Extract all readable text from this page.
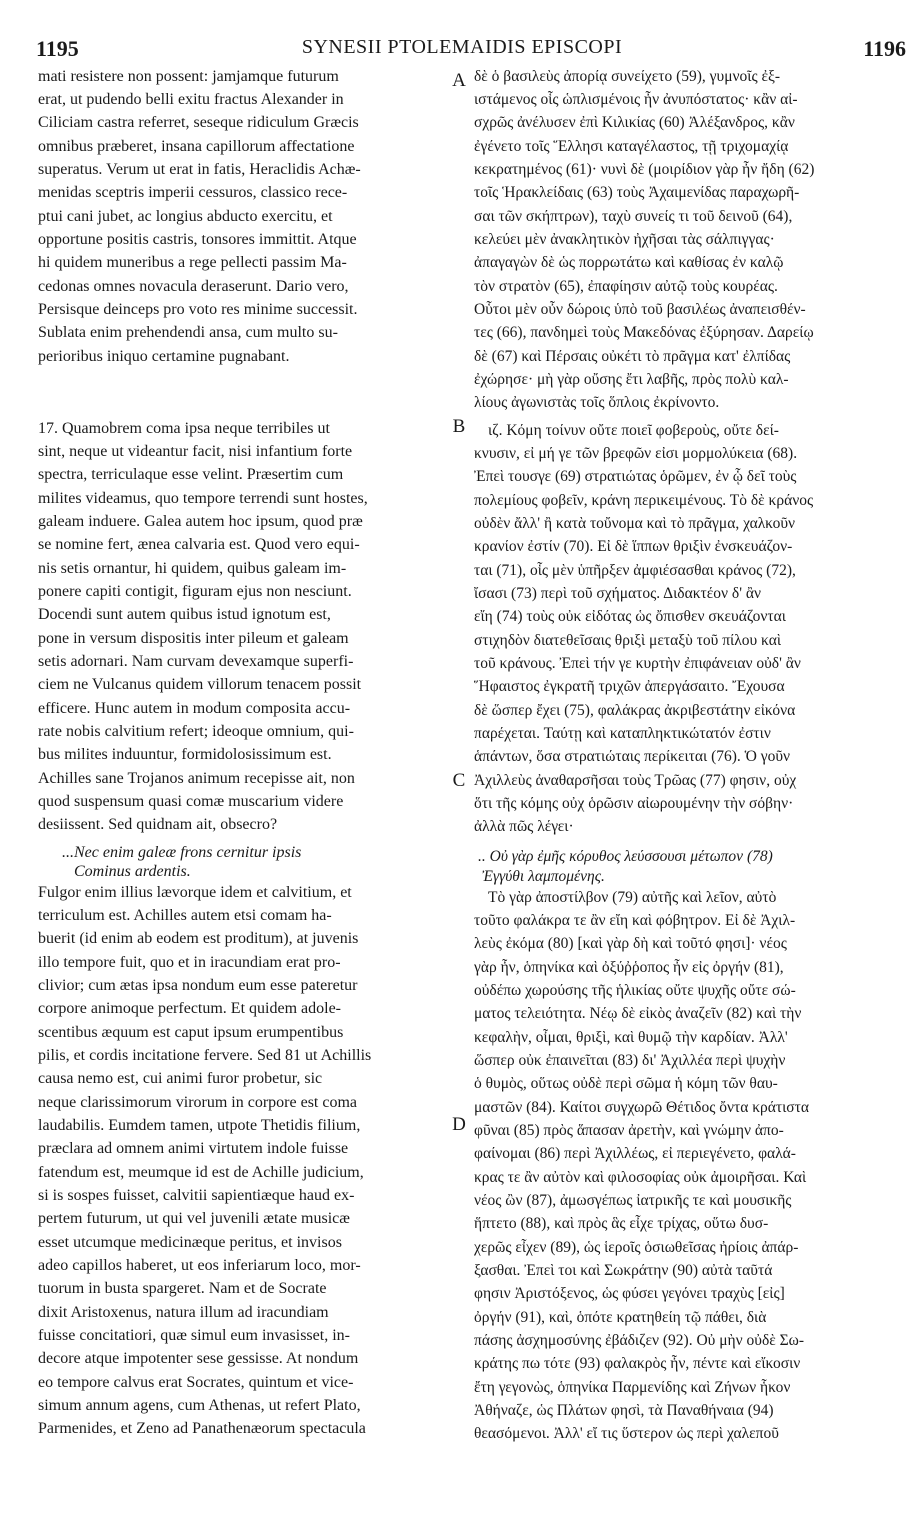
1195	SYNESII PTOLEMAIDIS EPISCOPI	1196
mati resistere non possent: jamjamque futurum
erat, ut pudendo belli exitu fractus Alexander in
Ciliciam castra referret, seseque ridiculum Græcis
omnibus præberet, insana capillorum affectatione
superatus. Verum ut erat in fatis, Heraclidis Achæ-
menidas sceptris imperii cessuros, classico rece-
ptui cani jubet, ac longius abducto exercitu, et
opportune positis castris, tonsores immittit. Atque
hi quidem muneribus a rege pellecti passim Ma-
cedonas omnes novacula deraserunt. Dario vero,
Persisque deinceps pro voto res minime successit.
Sublata enim prehendendi ansa, cum multo su-
perioribus iniquo certamine pugnabant.
17. Quamobrem coma ipsa neque terribiles ut
sint, neque ut videantur facit, nisi infantium forte
spectra, terriculaque esse velint. Præsertim cum
milites videamus, quo tempore terrendi sunt hostes,
galeam induere. Galea autem hoc ipsum, quod præ
se nomine fert, ænea calvaria est. Quod vero equi-
nis setis ornantur, hi quidem, quibus galeam im-
ponere capiti contigit, figuram ejus non nesciunt.
Docendi sunt autem quibus istud ignotum est,
pone in versum dispositis inter pileum et galeam
setis adornari. Nam curvam devexamque superfi-
ciem ne Vulcanus quidem villorum tenacem possit
efficere. Hunc autem in modum composita accu-
rate nobis calvitium refert; ideoque omnium, qui-
bus milites induuntur, formidolosissimum est.
Achilles sane Trojanos animum recepisse ait, non
quod suspensum quasi comæ muscarium videre
desiissent. Sed quidnam ait, obsecro?
...Nec enim galeæ frons cernitur ipsis
Cominus ardentis.
Fulgor enim illius lævorque idem et calvitium, et
terriculum est. Achilles autem etsi comam ha-
buerit (id enim ab eodem est proditum), at juvenis
illo tempore fuit, quo et in iracundiam erat pro-
clivior; cum ætas ipsa nondum eum esse pateretur
corpore animoque perfectum. Et quidem adole-
scentibus æquum est caput ipsum erumpentibus
pilis, et cordis incitatione fervere. Sed 81 ut Achillis
causa nemo est, cui animi furor probetur, sic
neque clarissimorum virorum in corpore est coma
laudabilis. Eumdem tamen, utpote Thetidis filium,
præclara ad omnem animi virtutem indole fuisse
fatendum est, meumque id est de Achille judicium,
si is sospes fuisset, calvitii sapientiæque haud ex-
pertem futurum, ut qui vel juvenili ætate musicæ
esset utcumque medicinæque peritus, et invisos
adeo capillos haberet, ut eos inferiarum loco, mor-
tuorum in busta spargeret. Nam et de Socrate
dixit Aristoxenus, natura illum ad iracundiam
fuisse concitatiori, quæ simul eum invasisset, in-
decore atque impotenter sese gessisse. At nondum
eo tempore calvus erat Socrates, quintum et vice-
simum annum agens, cum Athenas, ut refert Plato,
Parmenides, et Zeno ad Panathenæorum spectacula
δὲ ὁ βασιλεὺς ἀπορίᾳ συνείχετο (59), γυμνοῖς ἐξ-
ιστάμενος οἷς ὡπλισμένοις ἦν ἀνυπόστατος· κἂν αἰ-
σχρῶς ἀνέλυσεν ἐπὶ Κιλικίας (60) Ἀλέξανδρος, κἂν
ἐγένετο τοῖς Ἕλλησι καταγέλαστος, τῇ τριχομαχίᾳ
κεκρατημένος (61)· νυνὶ δὲ (μοιρίδιον γὰρ ἦν ἤδη (62)
τοῖς Ἡρακλείδαις (63) τοὺς Ἀχαιμενίδας παραχωρῆ-
σαι τῶν σκήπτρων), ταχὺ συνείς τι τοῦ δεινοῦ (64),
κελεύει μὲν ἀνακλητικὸν ἠχῆσαι τὰς σάλπιγγας·
ἀπαγαγὼν δὲ ὡς πορρωτάτω καὶ καθίσας ἐν καλῷ
τὸν στρατὸν (65), ἐπαφίησιν αὐτῷ τοὺς κουρέας.
Οὗτοι μὲν οὖν δώροις ὑπὸ τοῦ βασιλέως ἀναπεισθέν-
τες (66), πανδημεὶ τοὺς Μακεδόνας ἐξύρησαν. Δαρείῳ
δὲ (67) καὶ Πέρσαις οὐκέτι τὸ πρᾶγμα κατ' ἐλπίδας
ἐχώρησε· μὴ γὰρ οὔσης ἔτι λαβῆς, πρὸς πολὺ καλ-
λίους ἀγωνιστὰς τοῖς ὅπλοις ἐκρίνοντο.
ιζ. Κόμη τοίνυν οὔτε ποιεῖ φοβεροὺς, οὔτε δεί-
κνυσιν, εἰ μή γε τῶν βρεφῶν εἰσι μορμολύκεια (68).
Ἐπεὶ τουσγε (69) στρατιώτας ὁρῶμεν, ἐν ᾧ δεῖ τοὺς
πολεμίους φοβεῖν, κράνη περικειμένους. Τὸ δὲ κράνος
οὐδὲν ἄλλ' ἢ κατὰ τοὔνομα καὶ τὸ πρᾶγμα, χαλκοῦν
κρανίον ἐστίν (70). Εἰ δὲ ἵππων θριξὶν ἐνσκευάζον-
ται (71), οἷς μὲν ὑπῆρξεν ἀμφιέσασθαι κράνος (72),
ἴσασι (73) περὶ τοῦ σχήματος. Διδακτέον δ' ἂν
εἴη (74) τοὺς οὐκ εἰδότας ὡς ὄπισθεν σκευάζονται
στιχηδὸν διατεθεῖσαις θριξὶ μεταξὺ τοῦ πίλου καὶ
τοῦ κράνους. Ἐπεὶ τήν γε κυρτὴν ἐπιφάνειαν οὐδ' ἂν
Ἥφαιστος ἐγκρατῆ τριχῶν ἀπεργάσαιτο. Ἔχουσα
δὲ ὥσπερ ἔχει (75), φαλάκρας ἀκριβεστάτην εἰκόνα
παρέχεται. Ταύτῃ καὶ καταπληκτικώτατόν ἐστιν
ἁπάντων, ὅσα στρατιώταις περίκειται (76). Ὁ γοῦν
Ἀχιλλεὺς ἀναθαρσῆσαι τοὺς Τρῶας (77) φησιν, οὐχ
ὅτι τῆς κόμης οὐχ ὁρῶσιν αἰωρουμένην τὴν σόβην·
ἀλλὰ πῶς λέγει·
.. Οὐ γὰρ ἐμῆς κόρυθος λεύσσουσι μέτωπον (78)
Ἐγγύθι λαμπομένης.
Τὸ γὰρ ἀποστίλβον (79) αὐτῆς καὶ λεῖον, αὐτὸ
τοῦτο φαλάκρα τε ἂν εἴη καὶ φόβητρον. Εἰ δὲ Ἀχιλ-
λεὺς ἐκόμα (80) [καὶ γὰρ δὴ καὶ τοῦτό φησι]· νέος
γὰρ ἦν, ὁπηνίκα καὶ ὀξύῤῥοπος ἦν εἰς ὀργήν (81),
οὐδέπω χωρούσης τῆς ἡλικίας οὔτε ψυχῆς οὔτε σώ-
ματος τελειότητα. Νέῳ δὲ εἰκὸς ἀναζεῖν (82) καὶ τὴν
κεφαλὴν, οἶμαι, θριξὶ, καὶ θυμῷ τὴν καρδίαν. Ἀλλ'
ὥσπερ οὐκ ἐπαινεῖται (83) δι' Ἀχιλλέα περὶ ψυχὴν
ὁ θυμὸς, οὕτως οὐδὲ περὶ σῶμα ἡ κόμη τῶν θαυ-
μαστῶν (84). Καίτοι συγχωρῶ Θέτιδος ὄντα κράτιστα
φῦναι (85) πρὸς ἅπασαν ἀρετὴν, καὶ γνώμην ἀπο-
φαίνομαι (86) περὶ Ἀχιλλέως, εἰ περιεγένετο, φαλά-
κρας τε ἂν αὐτὸν καὶ φιλοσοφίας οὐκ ἀμοιρῆσαι. Καὶ
νέος ὢν (87), ἀμωσγέπως ἰατρικῆς τε καὶ μουσικῆς
ἥπτετο (88), καὶ πρὸς ἃς εἶχε τρίχας, οὕτω δυσ-
χερῶς εἶχεν (89), ὡς ἱεροῖς ὁσιωθεῖσας ἠρίοις ἀπάρ-
ξασθαι. Ἐπεὶ τοι καὶ Σωκράτην (90) αὐτὰ ταῦτά
φησιν Ἀριστόξενος, ὡς φύσει γεγόνει τραχὺς [εἰς]
ὀργήν (91), καὶ, ὁπότε κρατηθείη τῷ πάθει, διὰ
πάσης ἀσχημοσύνης ἐβάδιζεν (92). Οὐ μὴν οὐδὲ Σω-
κράτης πω τότε (93) φαλακρὸς ἦν, πέντε καὶ εἴκοσιν
ἔτη γεγονὼς, ὁπηνίκα Παρμενίδης καὶ Ζήνων ἧκον
Ἀθήναζε, ὡς Πλάτων φησὶ, τὰ Παναθήναια (94)
θεασόμενοι. Ἀλλ' εἴ τις ὕστερον ὡς περὶ χαλεποῦ
A
B
C
D
